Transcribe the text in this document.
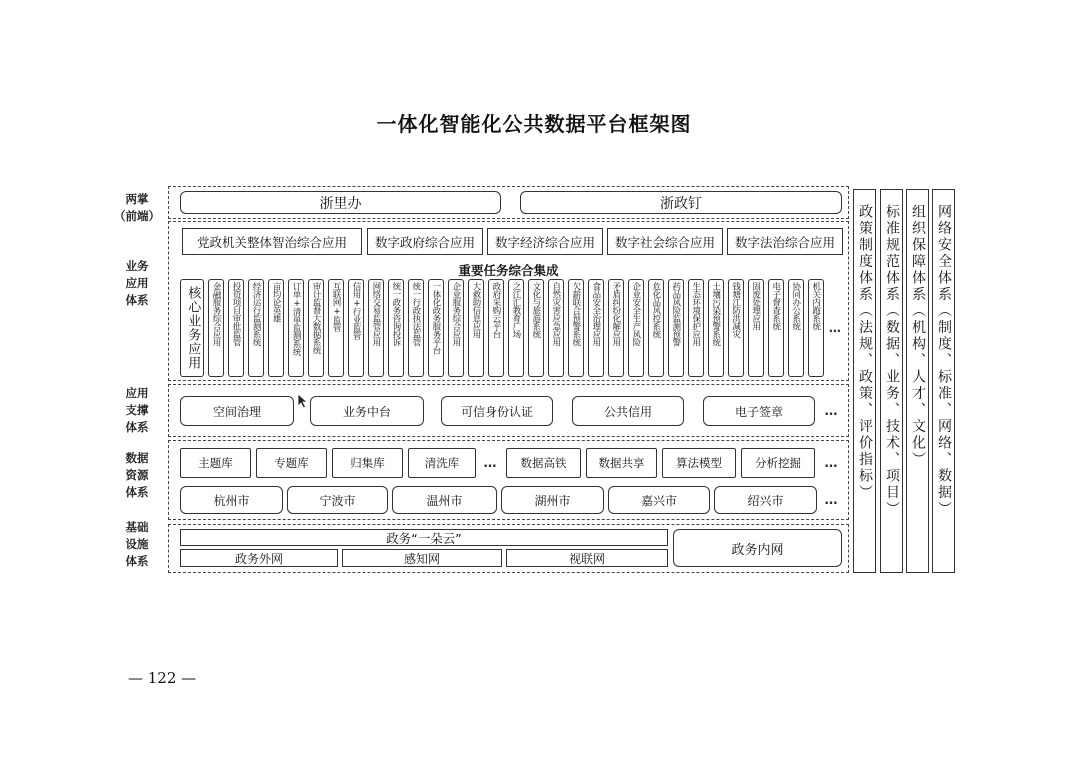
一体化智能化公共数据平台框架图
两掌
（前端）
业务
应用
体系
应用
支撑
体系
数据
资源
体系
基础
设施
体系
浙里办	浙政钉
党政机关整体智治综合应用	数字政府综合应用	数字经济综合应用	数字社会综合应用	数字法治综合应用
重要任务综合集成
核心业务应用	金融服务综合应用	投资项目审批监管	经济运行监测系统	亩均论英雄	订单+清单监测系统	审计监督大数据系统	互联网+监管	信用+行业监管	网络交易监管应用	统一政务咨询投诉	统一行政执法监管	一体化政务服务平台	企业服务综合应用	大救助信息应用	政府采购云平台	之江汇教育广场	文化与旅游系统	自然灾害应急应用	欠薪联合预警系统	食品安全治理应用	矛盾纠纷化解应用	企业安全生产风险	危化品风控系统	药品风险监测预警	生态环境保护应用	土壤污染预警系统	钱塘江防洪减灾	固废处理应用	电子督查系统	协同办公系统	机关内跑系统 …
空间治理	业务中台	可信身份认证	公共信用	电子签章	…
主题库	专题库	归集库	清洗库	…	数据高铁	数据共享	算法模型	分析挖掘	…
杭州市	宁波市	温州市	湖州市	嘉兴市	绍兴市	…
政务“一朵云”
政务外网	感知网	视联网
政务内网
政策制度体系（法规、政策、评价指标） 标准规范体系（数据、业务、技术、项目） 组织保障体系（机构、人才、文化） 网络安全体系（制度、标准、网络、数据）
— 122 —
